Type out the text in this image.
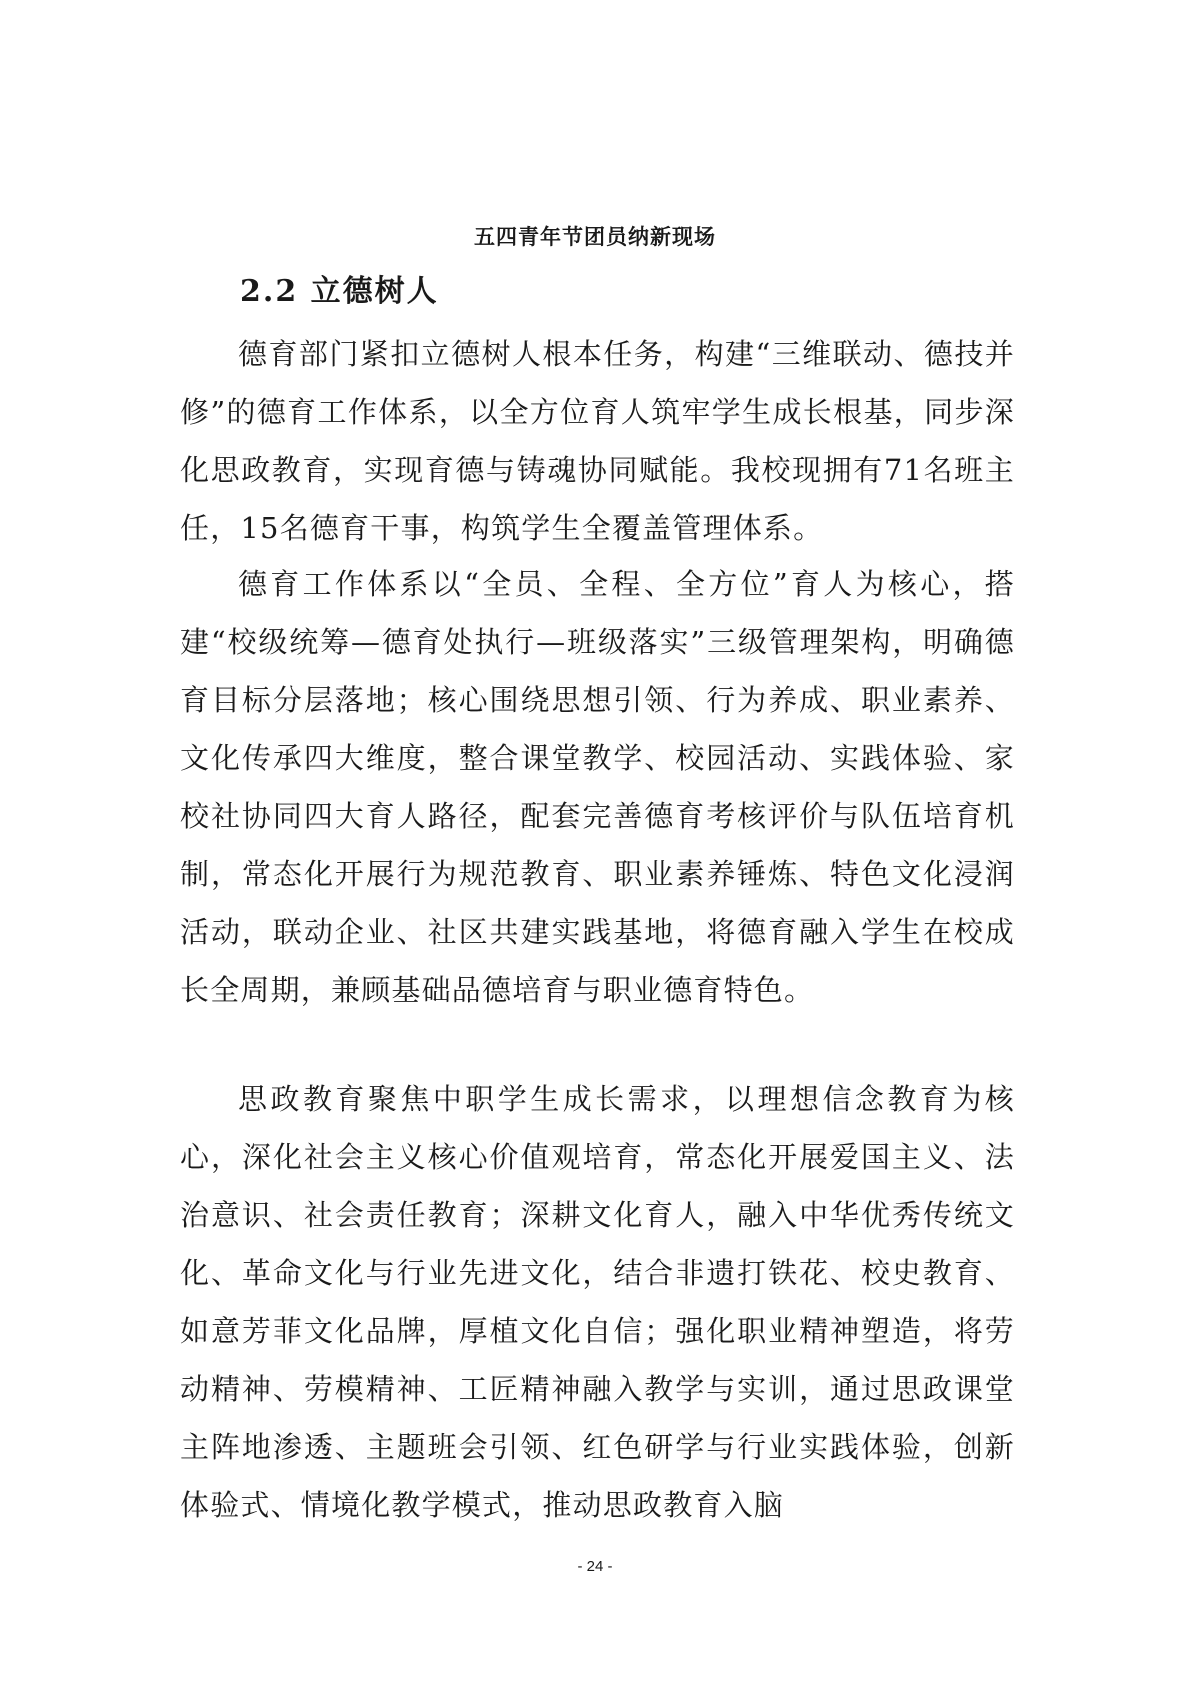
五四青年节团员纳新现场
2.2 立德树人

德育部门紧扣立德树人根本任务，构建“三维联动、德技并修”的德育工作体系，以全方位育人筑牢学生成长根基，同步深化思政教育，实现育德与铸魂协同赋能。我校现拥有71名班主任，15名德育干事，构筑学生全覆盖管理体系。

德育工作体系以“全员、全程、全方位”育人为核心，搭建“校级统筹—德育处执行—班级落实”三级管理架构，明确德育目标分层落地；核心围绕思想引领、行为养成、职业素养、文化传承四大维度，整合课堂教学、校园活动、实践体验、家校社协同四大育人路径，配套完善德育考核评价与队伍培育机制，常态化开展行为规范教育、职业素养锤炼、特色文化浸润活动，联动企业、社区共建实践基地，将德育融入学生在校成长全周期，兼顾基础品德培育与职业德育特色。

思政教育聚焦中职学生成长需求，以理想信念教育为核心，深化社会主义核心价值观培育，常态化开展爱国主义、法治意识、社会责任教育；深耕文化育人，融入中华优秀传统文化、革命文化与行业先进文化，结合非遗打铁花、校史教育、如意芳菲文化品牌，厚植文化自信；强化职业精神塑造，将劳动精神、劳模精神、工匠精神融入教学与实训，通过思政课堂主阵地渗透、主题班会引领、红色研学与行业实践体验，创新体验式、情境化教学模式，推动思政教育入脑

- 24 -
